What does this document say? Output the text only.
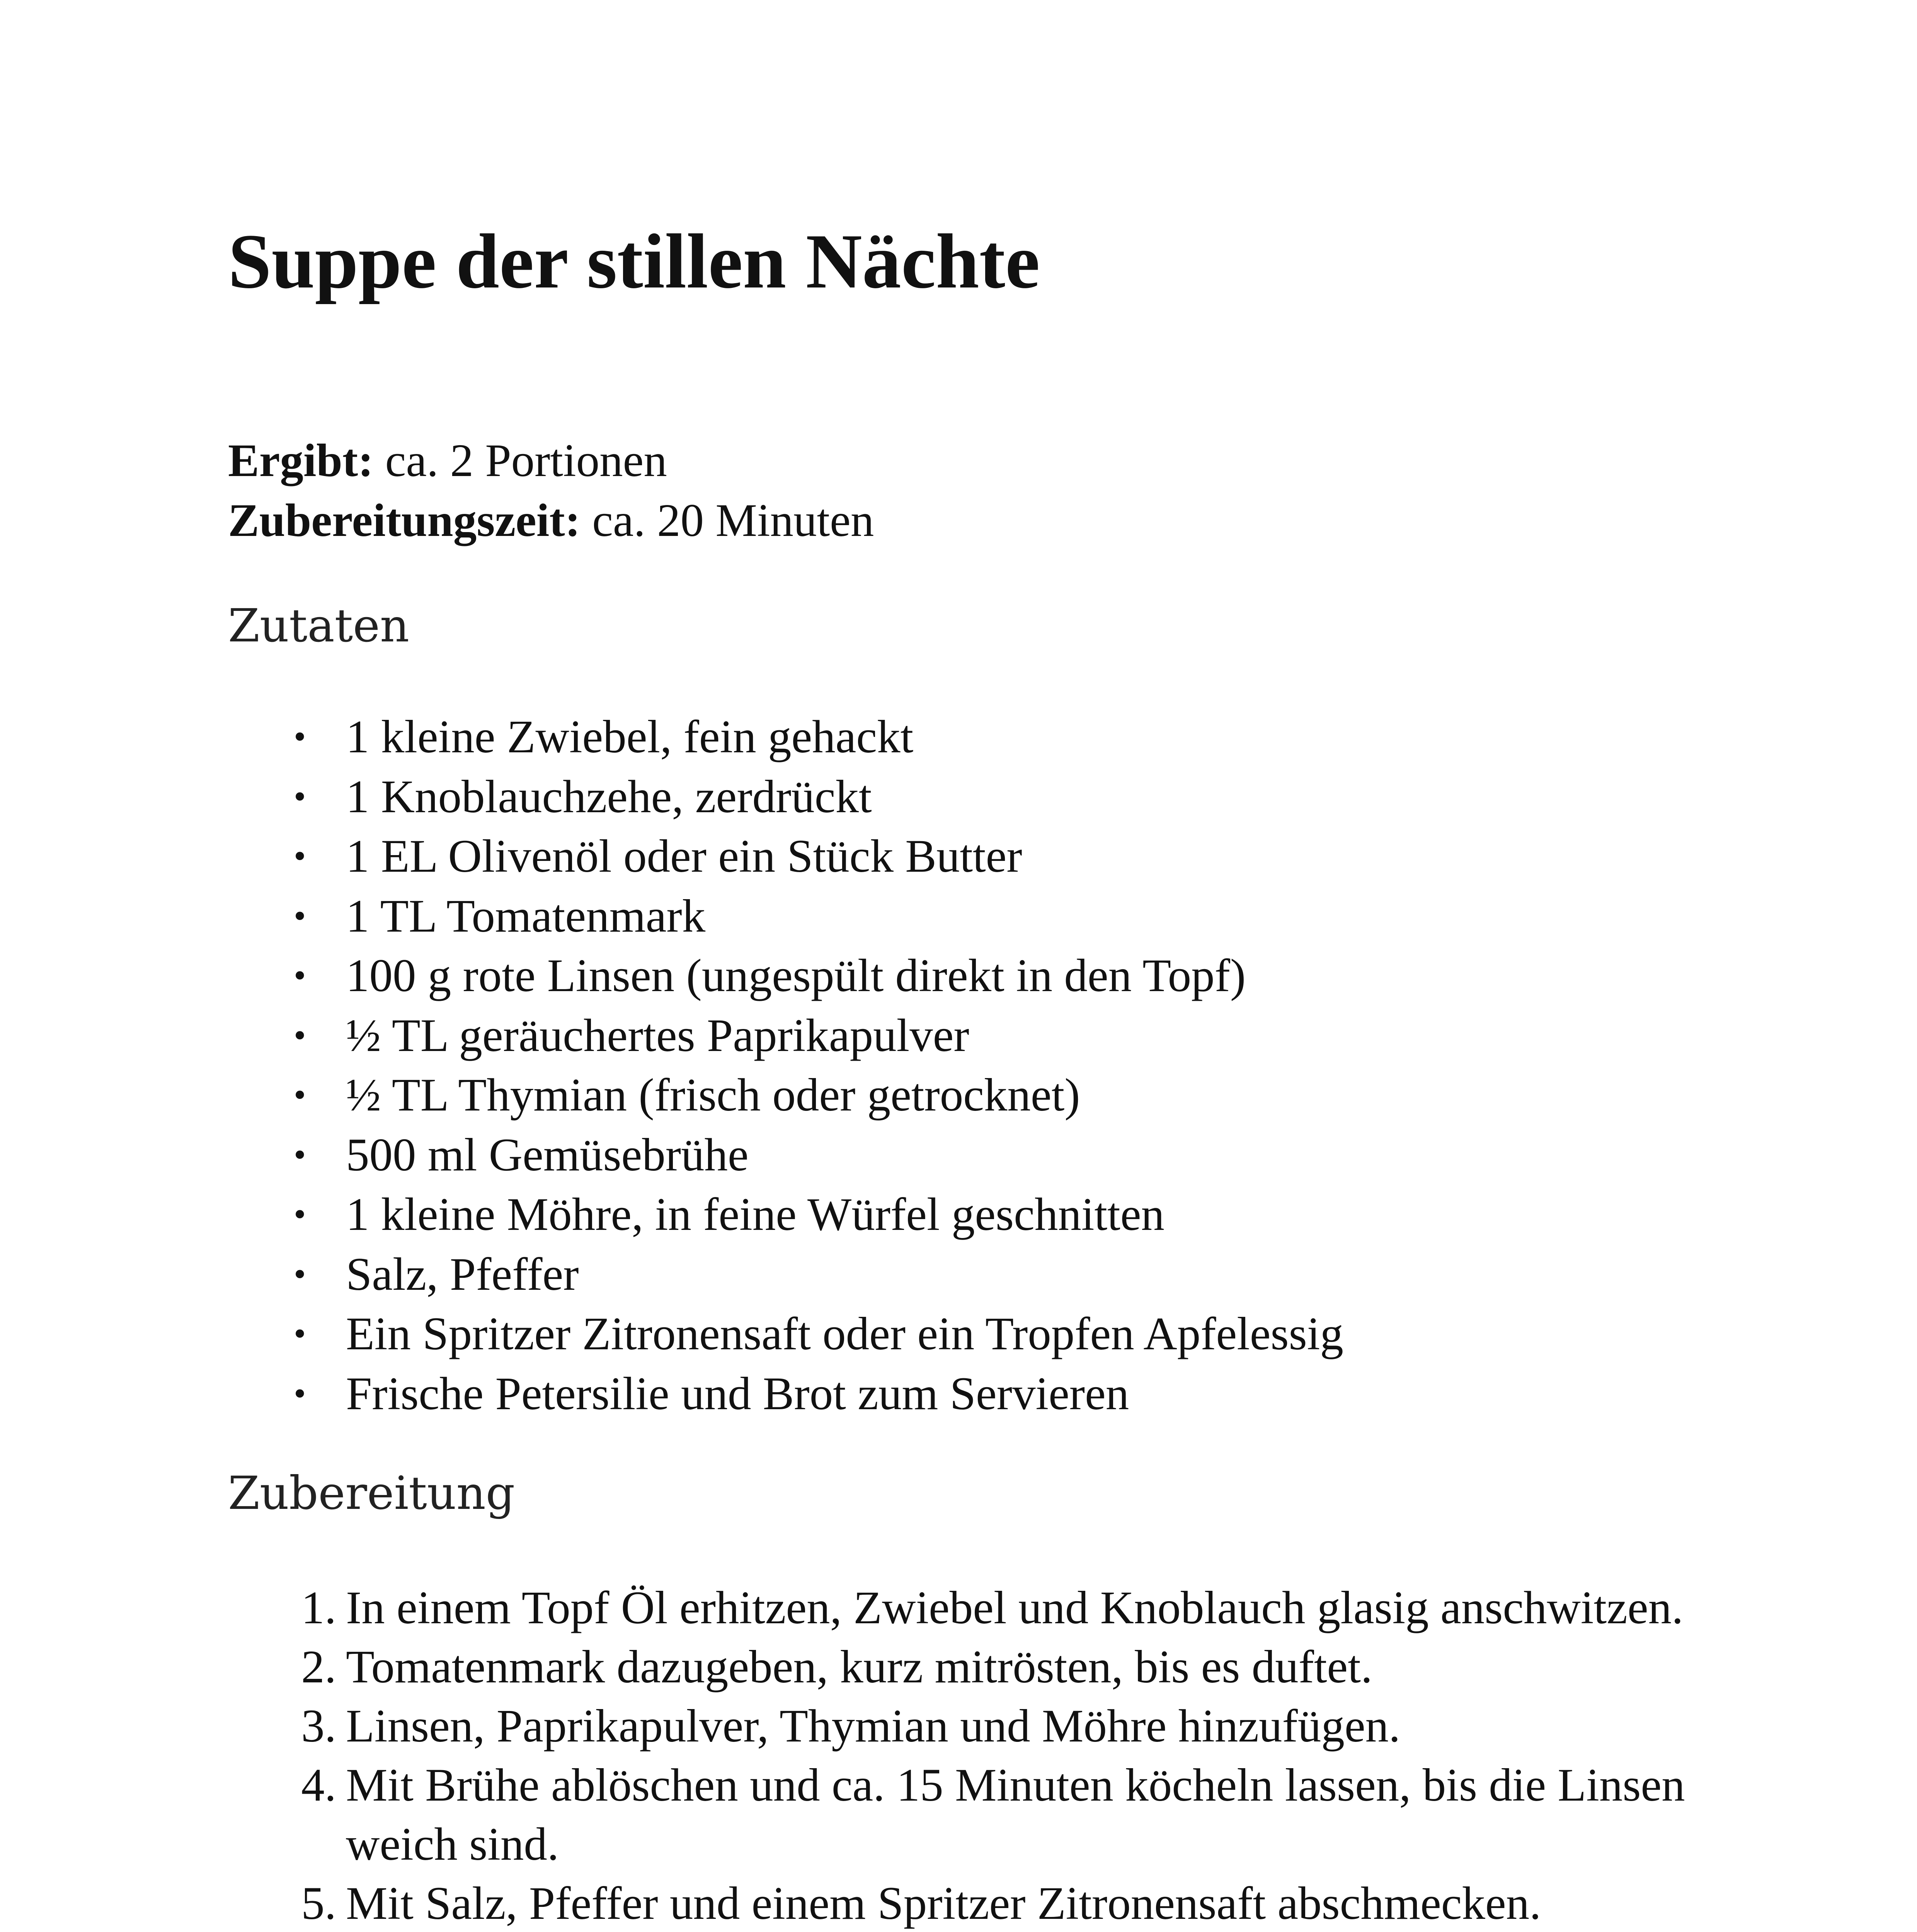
Suppe der stillen Nächte
Ergibt: ca. 2 Portionen
Zubereitungszeit: ca. 20 Minuten
Zutaten
• 1 kleine Zwiebel, fein gehackt
• 1 Knoblauchzehe, zerdrückt
• 1 EL Olivenöl oder ein Stück Butter
• 1 TL Tomatenmark
• 100 g rote Linsen (ungespült direkt in den Topf)
• ½ TL geräuchertes Paprikapulver
• ½ TL Thymian (frisch oder getrocknet)
• 500 ml Gemüsebrühe
• 1 kleine Möhre, in feine Würfel geschnitten
• Salz, Pfeffer
• Ein Spritzer Zitronensaft oder ein Tropfen Apfelessig
• Frische Petersilie und Brot zum Servieren
Zubereitung
1. In einem Topf Öl erhitzen, Zwiebel und Knoblauch glasig anschwitzen.
2. Tomatenmark dazugeben, kurz mitrösten, bis es duftet.
3. Linsen, Paprikapulver, Thymian und Möhre hinzufügen.
4. Mit Brühe ablöschen und ca. 15 Minuten köcheln lassen, bis die Linsen weich sind.
5. Mit Salz, Pfeffer und einem Spritzer Zitronensaft abschmecken.
